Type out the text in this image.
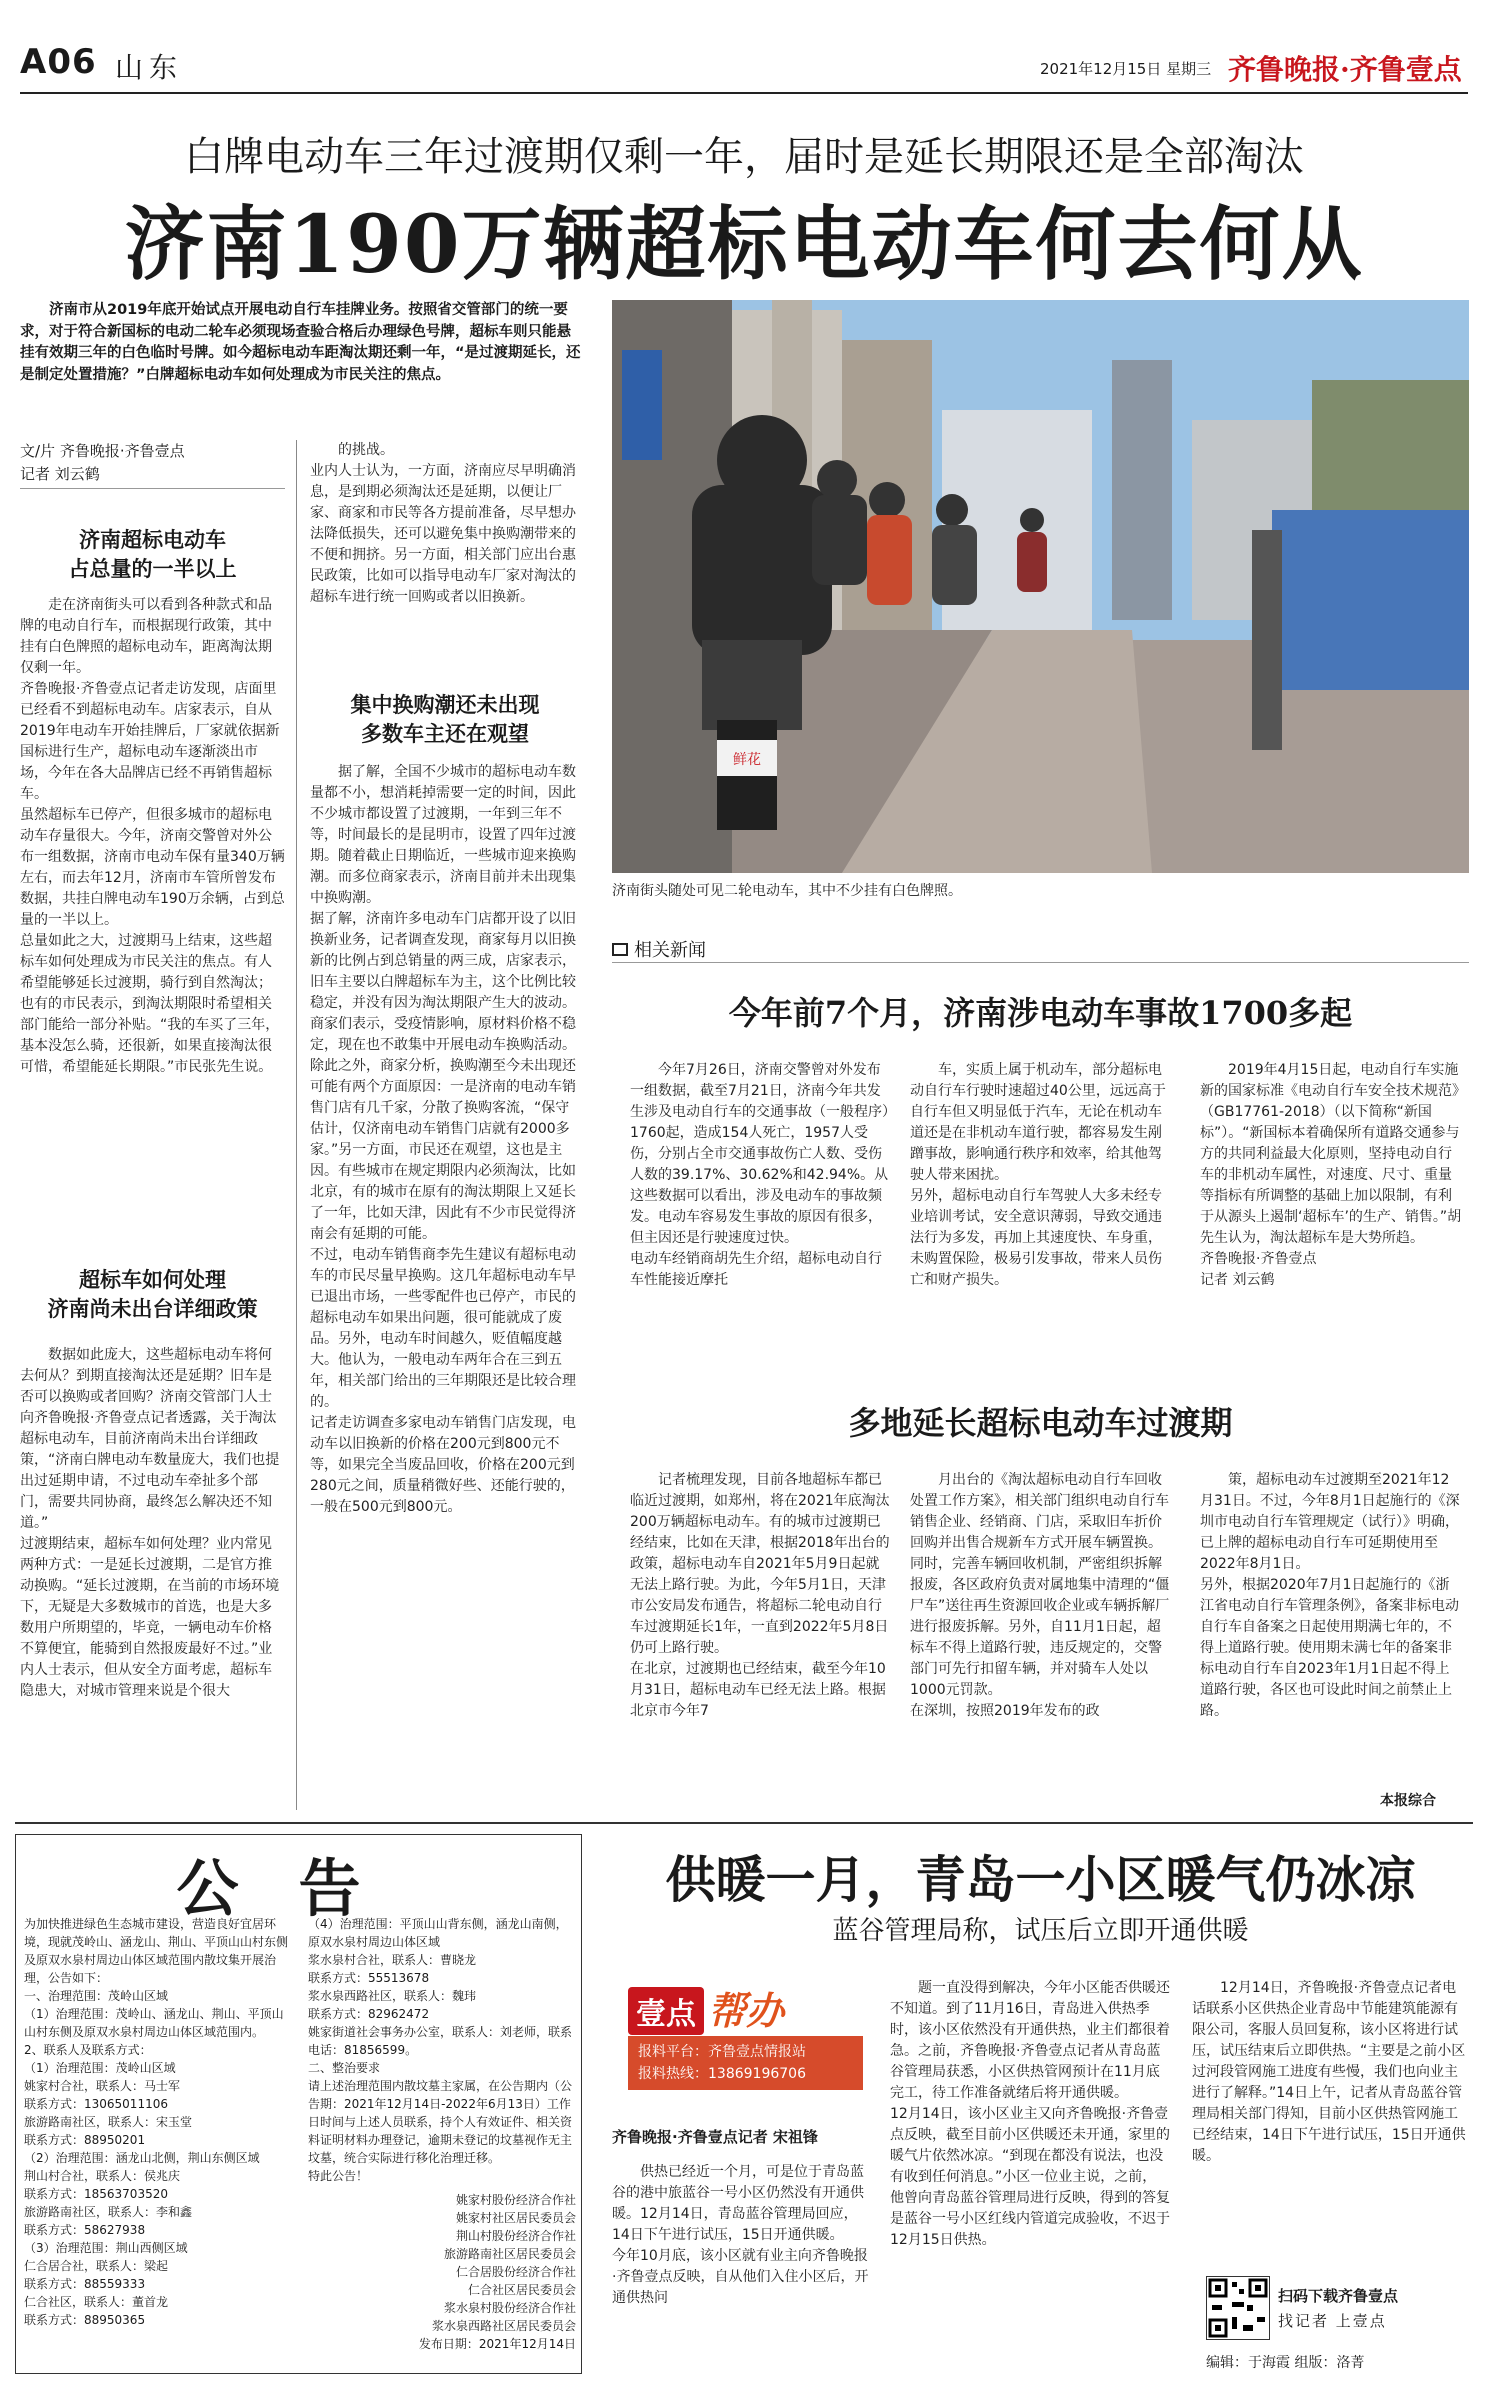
A06 山东	2021年12月15日 星期三 齐鲁晚报·齐鲁壹点
白牌电动车三年过渡期仅剩一年，届时是延长期限还是全部淘汰
济南190万辆超标电动车何去何从
济南市从2019年底开始试点开展电动自行车挂牌业务。按照省交管部门的统一要求，对于符合新国标的电动二轮车必须现场查验合格后办理绿色号牌，超标车则只能悬挂有效期三年的白色临时号牌。如今超标电动车距淘汰期还剩一年，“是过渡期延长，还是制定处置措施？”白牌超标电动车如何处理成为市民关注的焦点。
文/片 齐鲁晚报·齐鲁壹点
记者 刘云鹤
济南超标电动车
占总量的一半以上
走在济南街头可以看到各种款式和品牌的电动自行车，而根据现行政策，其中挂有白色牌照的超标电动车，距离淘汰期仅剩一年。
齐鲁晚报·齐鲁壹点记者走访发现，店面里已经看不到超标电动车。店家表示，自从2019年电动车开始挂牌后，厂家就依据新国标进行生产，超标电动车逐渐淡出市场，今年在各大品牌店已经不再销售超标车。
虽然超标车已停产，但很多城市的超标电动车存量很大。今年，济南交警曾对外公布一组数据，济南市电动车保有量340万辆左右，而去年12月，济南市车管所曾发布数据，共挂白牌电动车190万余辆，占到总量的一半以上。
总量如此之大，过渡期马上结束，这些超标车如何处理成为市民关注的焦点。有人希望能够延长过渡期，骑行到自然淘汰；也有的市民表示，到淘汰期限时希望相关部门能给一部分补贴。“我的车买了三年，基本没怎么骑，还很新，如果直接淘汰很可惜，希望能延长期限。”市民张先生说。
超标车如何处理
济南尚未出台详细政策
数据如此庞大，这些超标电动车将何去何从？到期直接淘汰还是延期？旧车是否可以换购或者回购？济南交管部门人士向齐鲁晚报·齐鲁壹点记者透露，关于淘汰超标电动车，目前济南尚未出台详细政策，“济南白牌电动车数量庞大，我们也提出过延期申请，不过电动车牵扯多个部门，需要共同协商，最终怎么解决还不知道。”
过渡期结束，超标车如何处理？业内常见两种方式：一是延长过渡期，二是官方推动换购。“延长过渡期，在当前的市场环境下，无疑是大多数城市的首选，也是大多数用户所期望的，毕竟，一辆电动车价格不算便宜，能骑到自然报废最好不过。”业内人士表示，但从安全方面考虑，超标车隐患大，对城市管理来说是个很大
的挑战。
业内人士认为，一方面，济南应尽早明确消息，是到期必须淘汰还是延期，以便让厂家、商家和市民等各方提前准备，尽早想办法降低损失，还可以避免集中换购潮带来的不便和拥挤。另一方面，相关部门应出台惠民政策，比如可以指导电动车厂家对淘汰的超标车进行统一回购或者以旧换新。
集中换购潮还未出现
多数车主还在观望
据了解，全国不少城市的超标电动车数量都不小，想消耗掉需要一定的时间，因此不少城市都设置了过渡期，一年到三年不等，时间最长的是昆明市，设置了四年过渡期。随着截止日期临近，一些城市迎来换购潮。而多位商家表示，济南目前并未出现集中换购潮。
据了解，济南许多电动车门店都开设了以旧换新业务，记者调查发现，商家每月以旧换新的比例占到总销量的两三成，店家表示，旧车主要以白牌超标车为主，这个比例比较稳定，并没有因为淘汰期限产生大的波动。
商家们表示，受疫情影响，原材料价格不稳定，现在也不敢集中开展电动车换购活动。除此之外，商家分析，换购潮至今未出现还可能有两个方面原因：一是济南的电动车销售门店有几千家，分散了换购客流，“保守估计，仅济南电动车销售门店就有2000多家。”另一方面，市民还在观望，这也是主因。有些城市在规定期限内必须淘汰，比如北京，有的城市在原有的淘汰期限上又延长了一年，比如天津，因此有不少市民觉得济南会有延期的可能。
不过，电动车销售商李先生建议有超标电动车的市民尽量早换购。这几年超标电动车早已退出市场，一些零配件也已停产，市民的超标电动车如果出问题，很可能就成了废品。另外，电动车时间越久，贬值幅度越大。他认为，一般电动车两年合在三到五年，相关部门给出的三年期限还是比较合理的。
记者走访调查多家电动车销售门店发现，电动车以旧换新的价格在200元到800元不等，如果完全当废品回收，价格在200元到280元之间，质量稍微好些、还能行驶的，一般在500元到800元。
鲜花
济南街头随处可见二轮电动车，其中不少挂有白色牌照。
相关新闻
今年前7个月，济南涉电动车事故1700多起
今年7月26日，济南交警曾对外发布一组数据，截至7月21日，济南今年共发生涉及电动自行车的交通事故（一般程序）1760起，造成154人死亡，1957人受伤，分别占全市交通事故伤亡人数、受伤人数的39.17%、30.62%和42.94%。从这些数据可以看出，涉及电动车的事故频发。电动车容易发生事故的原因有很多，但主因还是行驶速度过快。
电动车经销商胡先生介绍，超标电动自行车性能接近摩托
车，实质上属于机动车，部分超标电动自行车行驶时速超过40公里，远远高于自行车但又明显低于汽车，无论在机动车道还是在非机动车道行驶，都容易发生剐蹭事故，影响通行秩序和效率，给其他驾驶人带来困扰。
另外，超标电动自行车驾驶人大多未经专业培训考试，安全意识薄弱，导致交通违法行为多发，再加上其速度快、车身重，未购置保险，极易引发事故，带来人员伤亡和财产损失。
2019年4月15日起，电动自行车实施新的国家标准《电动自行车安全技术规范》（GB17761-2018）（以下简称“新国标”）。“新国标本着确保所有道路交通参与方的共同利益最大化原则，坚持电动自行车的非机动车属性，对速度、尺寸、重量等指标有所调整的基础上加以限制，有利于从源头上遏制‘超标车’的生产、销售。”胡先生认为，淘汰超标车是大势所趋。
齐鲁晚报·齐鲁壹点
记者 刘云鹤
多地延长超标电动车过渡期
记者梳理发现，目前各地超标车都已临近过渡期，如郑州，将在2021年底淘汰200万辆超标电动车。有的城市过渡期已经结束，比如在天津，根据2018年出台的政策，超标电动车自2021年5月9日起就无法上路行驶。为此，今年5月1日，天津市公安局发布通告，将超标二轮电动自行车过渡期延长1年，一直到2022年5月8日仍可上路行驶。
在北京，过渡期也已经结束，截至今年10月31日，超标电动车已经无法上路。根据北京市今年7
月出台的《淘汰超标电动自行车回收处置工作方案》，相关部门组织电动自行车销售企业、经销商、门店，采取旧车折价回购并出售合规新车方式开展车辆置换。同时，完善车辆回收机制，严密组织拆解报废，各区政府负责对属地集中清理的“僵尸车”送往再生资源回收企业或车辆拆解厂进行报废拆解。另外，自11月1日起，超标车不得上道路行驶，违反规定的，交警部门可先行扣留车辆，并对骑车人处以1000元罚款。
在深圳，按照2019年发布的政
策，超标电动车过渡期至2021年12月31日。不过，今年8月1日起施行的《深圳市电动自行车管理规定（试行）》明确，已上牌的超标电动自行车可延期使用至2022年8月1日。
另外，根据2020年7月1日起施行的《浙江省电动自行车管理条例》，备案非标电动自行车自备案之日起使用期满七年的，不得上道路行驶。使用期未满七年的备案非标电动自行车自2023年1月1日起不得上道路行驶，各区也可设此时间之前禁止上路。
本报综合
公告
为加快推进绿色生态城市建设，营造良好宜居环境，现就茂岭山、涵龙山、荆山、平顶山山村东侧及原双水泉村周边山体区域范围内散坟集开展治理，公告如下：
一、治理范围：茂岭山区域
（1）治理范围：茂岭山、涵龙山、荆山、平顶山山村东侧及原双水泉村周边山体区域范围内。
2、联系人及联系方式：
（1）治理范围：茂岭山区域
姚家村合社，联系人：马士军
联系方式：13065011106
旅游路南社区，联系人：宋玉堂
联系方式：88950201
（2）治理范围：涵龙山北侧，荆山东侧区域
荆山村合社，联系人：侯兆庆
联系方式：18563703520
旅游路南社区，联系人：李和鑫
联系方式：58627938
（3）治理范围：荆山西侧区域
仁合居合社，联系人：梁起
联系方式：88559333
仁合社区，联系人：董首龙
联系方式：88950365
（4）治理范围：平顶山山背东侧，涵龙山南侧，原双水泉村周边山体区域
浆水泉村合社，联系人：曹晓龙
联系方式：55513678
浆水泉西路社区，联系人：魏玮
联系方式：82962472
姚家街道社会事务办公室，联系人：刘老师，联系电话：81856599。
二、整治要求
请上述治理范围内散坟墓主家属，在公告期内（公告期：2021年12月14日-2022年6月13日）工作日时间与上述人员联系，持个人有效证件、相关资料证明材料办理登记，逾期未登记的坟墓视作无主坟墓，统合实际进行移化治理迁移。
特此公告！
姚家村股份经济合作社
姚家村社区居民委员会
荆山村股份经济合作社
旅游路南社区居民委员会
仁合居股份经济合作社
仁合社区居民委员会
浆水泉村股份经济合作社
浆水泉西路社区居民委员会
发布日期：2021年12月14日
供暖一月，青岛一小区暖气仍冰凉
蓝谷管理局称，试压后立即开通供暖
壹点 帮办
报料平台：齐鲁壹点情报站
报料热线：13869196706
齐鲁晚报·齐鲁壹点记者 宋祖锋
供热已经近一个月，可是位于青岛蓝谷的港中旅蓝谷一号小区仍然没有开通供暖。12月14日，青岛蓝谷管理局回应，14日下午进行试压，15日开通供暖。
今年10月底，该小区就有业主向齐鲁晚报·齐鲁壹点反映，自从他们入住小区后，开通供热问
题一直没得到解决，今年小区能否供暖还不知道。到了11月16日，青岛进入供热季时，该小区依然没有开通供热，业主们都很着急。之前，齐鲁晚报·齐鲁壹点记者从青岛蓝谷管理局获悉，小区供热管网预计在11月底完工，待工作准备就绪后将开通供暖。
12月14日，该小区业主又向齐鲁晚报·齐鲁壹点反映，截至目前小区供暖还未开通，家里的暖气片依然冰凉。“到现在都没有说法，也没有收到任何消息。”小区一位业主说，之前，他曾向青岛蓝谷管理局进行反映，得到的答复是蓝谷一号小区红线内管道完成验收，不迟于12月15日供热。
12月14日，齐鲁晚报·齐鲁壹点记者电话联系小区供热企业青岛中节能建筑能源有限公司，客服人员回复称，该小区将进行试压，试压结束后立即供热。“主要是之前小区过河段管网施工进度有些慢，我们也向业主进行了解释。”14日上午，记者从青岛蓝谷管理局相关部门得知，目前小区供热管网施工已经结束，14日下午进行试压，15日开通供暖。
扫码下载齐鲁壹点
找记者 上壹点
编辑：于海霞 组版：洛菁
